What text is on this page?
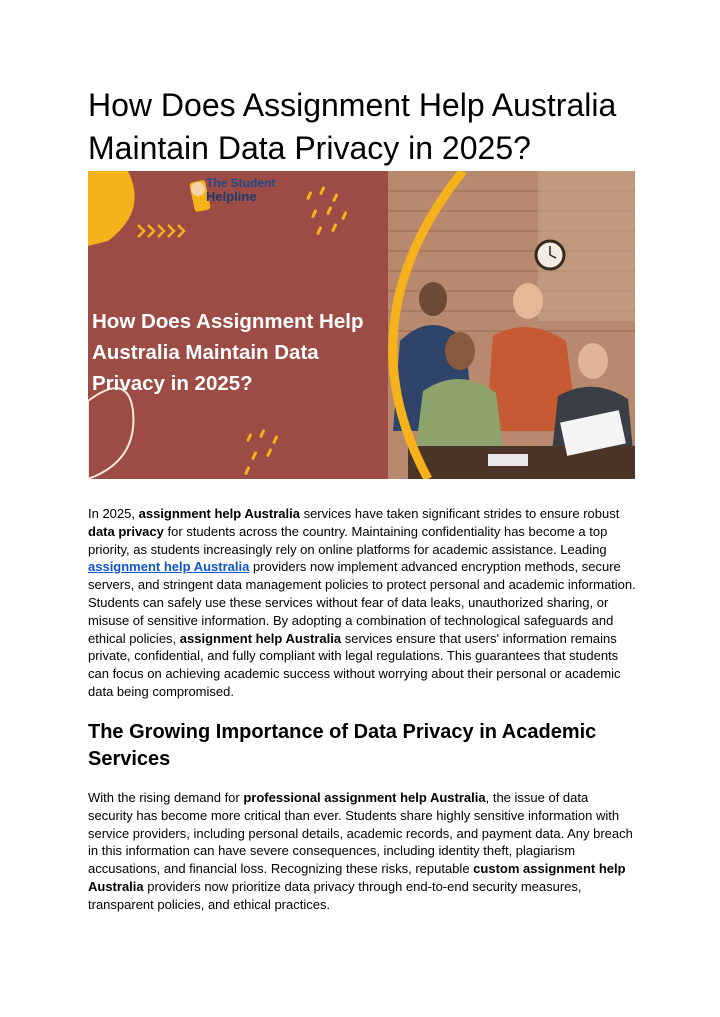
How Does Assignment Help Australia Maintain Data Privacy in 2025?
The Student
Helpline
How Does Assignment Help Australia Maintain Data Privacy in 2025?

In 2025, assignment help Australia services have taken significant strides to ensure robust data privacy for students across the country. Maintaining confidentiality has become a top priority, as students increasingly rely on online platforms for academic assistance. Leading assignment help Australia providers now implement advanced encryption methods, secure servers, and stringent data management policies to protect personal and academic information. Students can safely use these services without fear of data leaks, unauthorized sharing, or misuse of sensitive information. By adopting a combination of technological safeguards and ethical policies, assignment help Australia services ensure that users' information remains private, confidential, and fully compliant with legal regulations. This guarantees that students can focus on achieving academic success without worrying about their personal or academic data being compromised.

The Growing Importance of Data Privacy in Academic Services

With the rising demand for professional assignment help Australia, the issue of data security has become more critical than ever. Students share highly sensitive information with service providers, including personal details, academic records, and payment data. Any breach in this information can have severe consequences, including identity theft, plagiarism accusations, and financial loss. Recognizing these risks, reputable custom assignment help Australia providers now prioritize data privacy through end-to-end security measures, transparent policies, and ethical practices.
